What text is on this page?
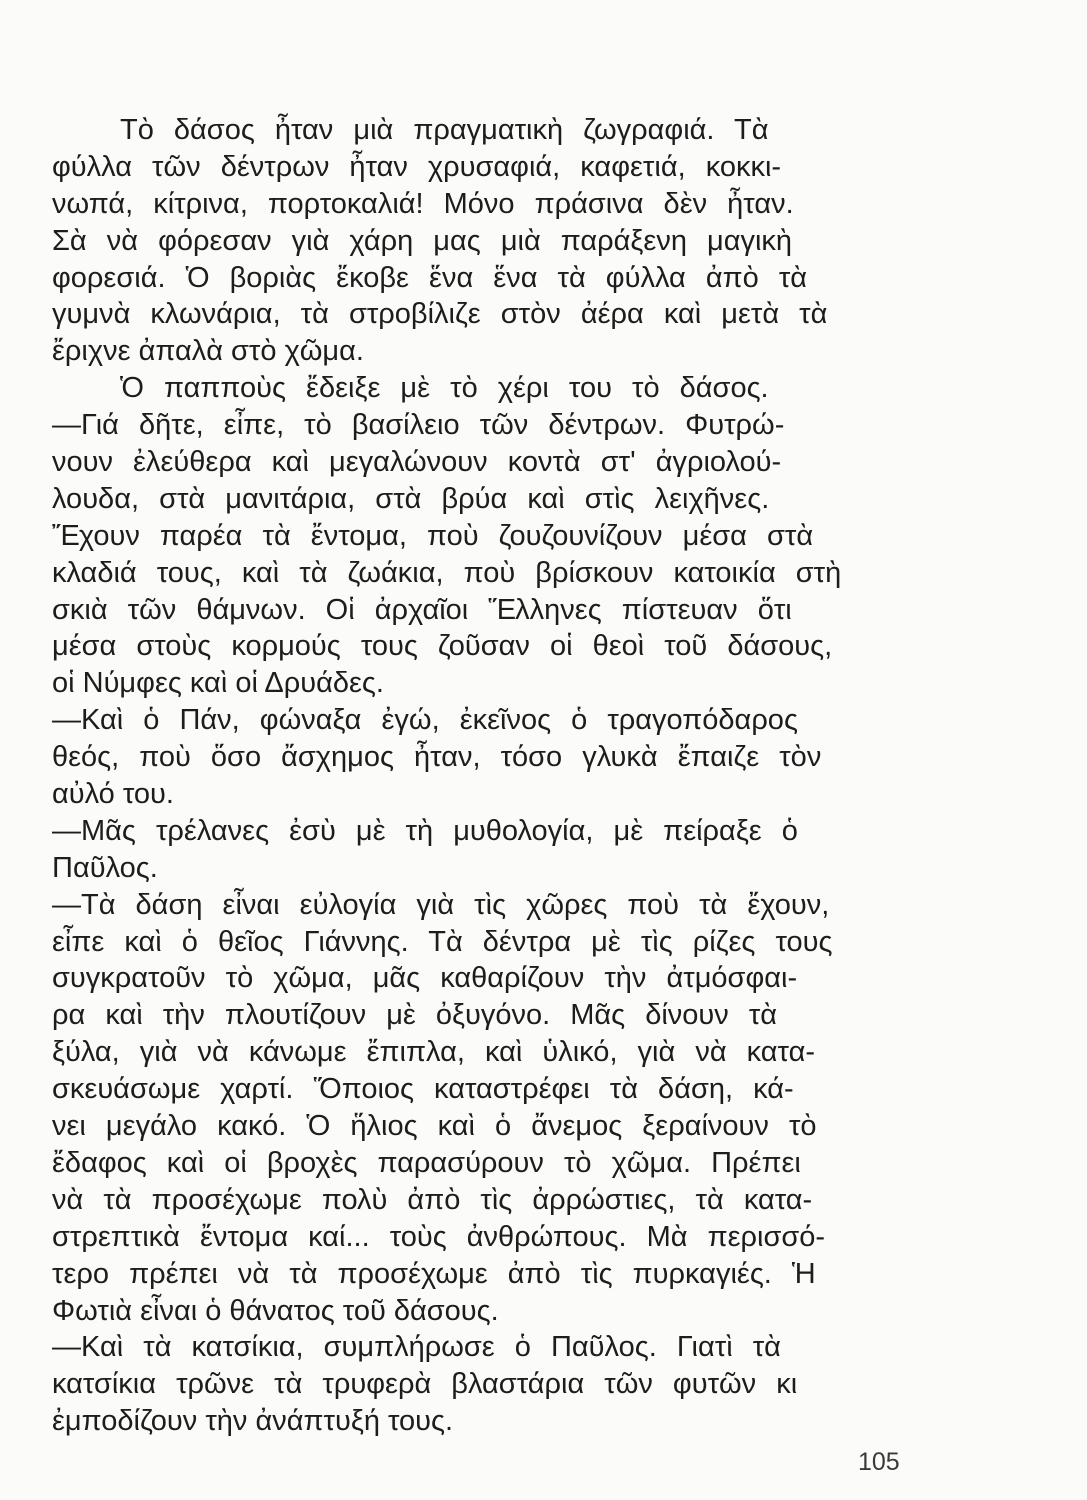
Τὸ δάσος ἦταν μιὰ πραγματικὴ ζωγραφιά. Τὰ
φύλλα τῶν δέντρων ἦταν χρυσαφιά, καφετιά, κοκκι-
νωπά, κίτρινα, πορτοκαλιά! Μόνο πράσινα δὲν ἦταν.
Σὰ νὰ φόρεσαν γιὰ χάρη μας μιὰ παράξενη μαγικὴ
φορεσιά. Ὁ βοριὰς ἔκοβε ἕνα ἕνα τὰ φύλλα ἀπὸ τὰ
γυμνὰ κλωνάρια, τὰ στροβίλιζε στὸν ἀέρα καὶ μετὰ τὰ
ἔριχνε ἀπαλὰ στὸ χῶμα.
Ὁ παπποὺς ἔδειξε μὲ τὸ χέρι του τὸ δάσος.
—Γιά δῆτε, εἶπε, τὸ βασίλειο τῶν δέντρων. Φυτρώ-
νουν ἐλεύθερα καὶ μεγαλώνουν κοντὰ στ' ἀγριολού-
λουδα, στὰ μανιτάρια, στὰ βρύα καὶ στὶς λειχῆνες.
Ἔχουν παρέα τὰ ἔντομα, ποὺ ζουζουνίζουν μέσα στὰ
κλαδιά τους, καὶ τὰ ζωάκια, ποὺ βρίσκουν κατοικία στὴ
σκιὰ τῶν θάμνων. Οἱ ἀρχαῖοι Ἕλληνες πίστευαν ὅτι
μέσα στοὺς κορμούς τους ζοῦσαν οἱ θεοὶ τοῦ δάσους,
οἱ Νύμφες καὶ οἱ Δρυάδες.
—Καὶ ὁ Πάν, φώναξα ἐγώ, ἐκεῖνος ὁ τραγοπόδαρος
θεός, ποὺ ὅσο ἄσχημος ἦταν, τόσο γλυκὰ ἔπαιζε τὸν
αὐλό του.
—Μᾶς τρέλανες ἐσὺ μὲ τὴ μυθολογία, μὲ πείραξε ὁ
Παῦλος.
—Τὰ δάση εἶναι εὐλογία γιὰ τὶς χῶρες ποὺ τὰ ἔχουν,
εἶπε καὶ ὁ θεῖος Γιάννης. Τὰ δέντρα μὲ τὶς ρίζες τους
συγκρατοῦν τὸ χῶμα, μᾶς καθαρίζουν τὴν ἀτμόσφαι-
ρα καὶ τὴν πλουτίζουν μὲ ὀξυγόνο. Μᾶς δίνουν τὰ
ξύλα, γιὰ νὰ κάνωμε ἔπιπλα, καὶ ὑλικό, γιὰ νὰ κατα-
σκευάσωμε χαρτί. Ὅποιος καταστρέφει τὰ δάση, κά-
νει μεγάλο κακό. Ὁ ἥλιος καὶ ὁ ἄνεμος ξεραίνουν τὸ
ἔδαφος καὶ οἱ βροχὲς παρασύρουν τὸ χῶμα. Πρέπει
νὰ τὰ προσέχωμε πολὺ ἀπὸ τὶς ἀρρώστιες, τὰ κατα-
στρεπτικὰ ἔντομα καί... τοὺς ἀνθρώπους. Μὰ περισσό-
τερο πρέπει νὰ τὰ προσέχωμε ἀπὸ τὶς πυρκαγιές. Ἡ
Φωτιὰ εἶναι ὁ θάνατος τοῦ δάσους.
—Καὶ τὰ κατσίκια, συμπλήρωσε ὁ Παῦλος. Γιατὶ τὰ
κατσίκια τρῶνε τὰ τρυφερὰ βλαστάρια τῶν φυτῶν κι
ἐμποδίζουν τὴν ἀνάπτυξή τους.
105
